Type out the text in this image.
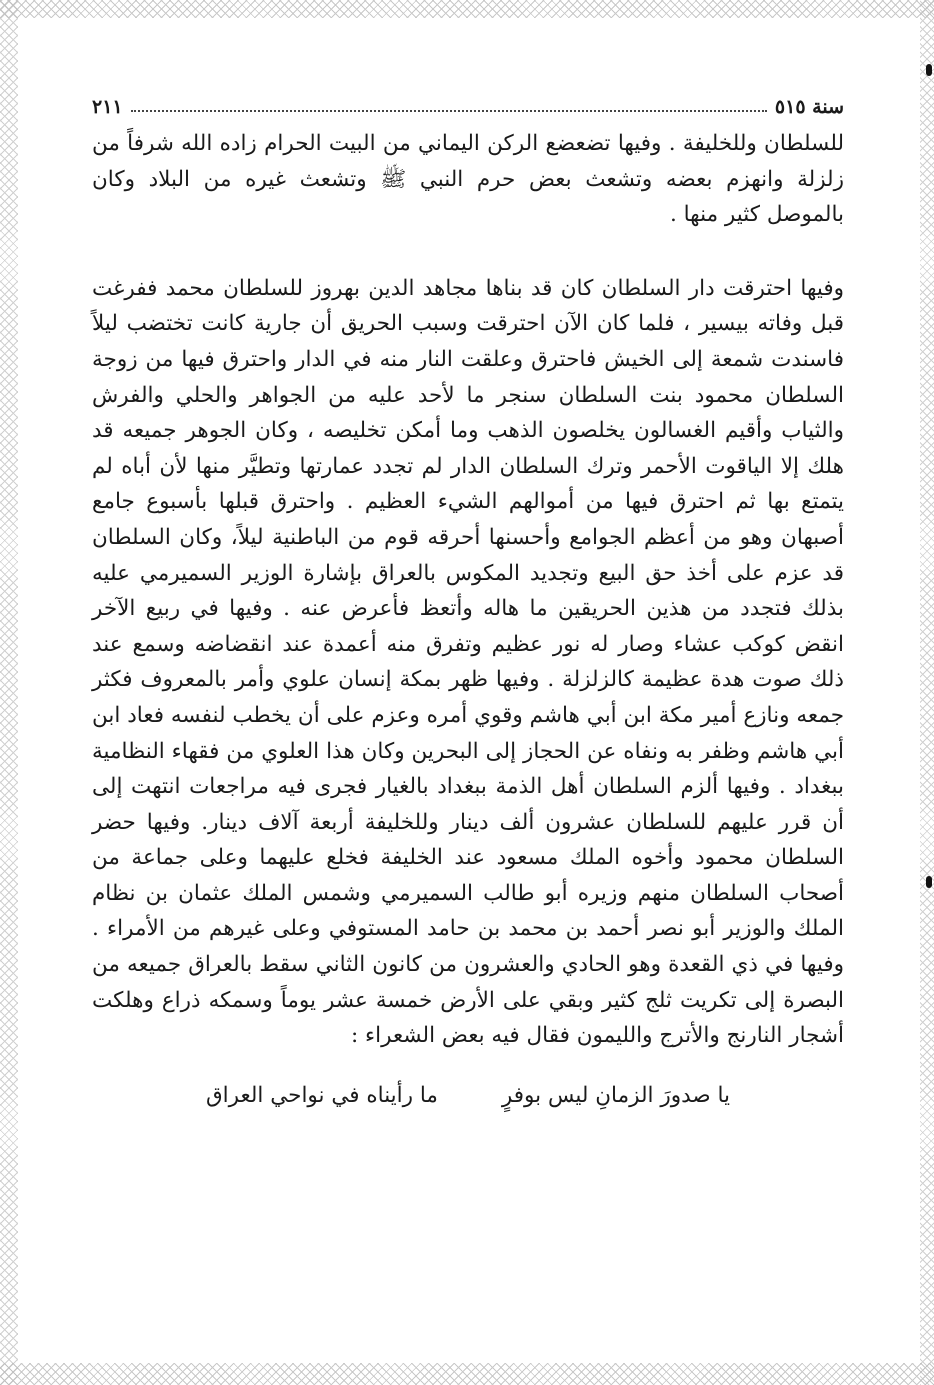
سنة ٥١٥
٢١١

للسلطان وللخليفة . وفيها تضعضع الركن اليماني من البيت الحرام زاده الله شرفاً من زلزلة وانهزم بعضه وتشعث بعض حرم النبي ﷺ وتشعث غيره من البلاد وكان بالموصل كثير منها .

وفيها احترقت دار السلطان كان قد بناها مجاهد الدين بهروز للسلطان محمد ففرغت قبل وفاته بيسير ، فلما كان الآن احترقت وسبب الحريق أن جارية كانت تختضب ليلاً فاسندت شمعة إلى الخيش فاحترق وعلقت النار منه في الدار واحترق فيها من زوجة السلطان محمود بنت السلطان سنجر ما لأحد عليه من الجواهر والحلي والفرش والثياب وأقيم الغسالون يخلصون الذهب وما أمكن تخليصه ، وكان الجوهر جميعه قد هلك إلا الياقوت الأحمر وترك السلطان الدار لم تجدد عمارتها وتطيَّر منها لأن أباه لم يتمتع بها ثم احترق فيها من أموالهم الشيء العظيم . واحترق قبلها بأسبوع جامع أصبهان وهو من أعظم الجوامع وأحسنها أحرقه قوم من الباطنية ليلاً، وكان السلطان قد عزم على أخذ حق البيع وتجديد المكوس بالعراق بإشارة الوزير السميرمي عليه بذلك فتجدد من هذين الحريقين ما هاله وأتعظ فأعرض عنه . وفيها في ربيع الآخر انقض كوكب عشاء وصار له نور عظيم وتفرق منه أعمدة عند انقضاضه وسمع عند ذلك صوت هدة عظيمة كالزلزلة . وفيها ظهر بمكة إنسان علوي وأمر بالمعروف فكثر جمعه ونازع أمير مكة ابن أبي هاشم وقوي أمره وعزم على أن يخطب لنفسه فعاد ابن أبي هاشم وظفر به ونفاه عن الحجاز إلى البحرين وكان هذا العلوي من فقهاء النظامية ببغداد . وفيها ألزم السلطان أهل الذمة ببغداد بالغيار فجرى فيه مراجعات انتهت إلى أن قرر عليهم للسلطان عشرون ألف دينار وللخليفة أربعة آلاف دينار. وفيها حضر السلطان محمود وأخوه الملك مسعود عند الخليفة فخلع عليهما وعلى جماعة من أصحاب السلطان منهم وزيره أبو طالب السميرمي وشمس الملك عثمان بن نظام الملك والوزير أبو نصر أحمد بن محمد بن حامد المستوفي وعلى غيرهم من الأمراء . وفيها في ذي القعدة وهو الحادي والعشرون من كانون الثاني سقط بالعراق جميعه من البصرة إلى تكريت ثلج كثير وبقي على الأرض خمسة عشر يوماً وسمكه ذراع وهلكت أشجار النارنج والأترج والليمون فقال فيه بعض الشعراء :

يا صدورَ الزمانِ ليس بوفرٍ
ما رأيناه في نواحي العراق
